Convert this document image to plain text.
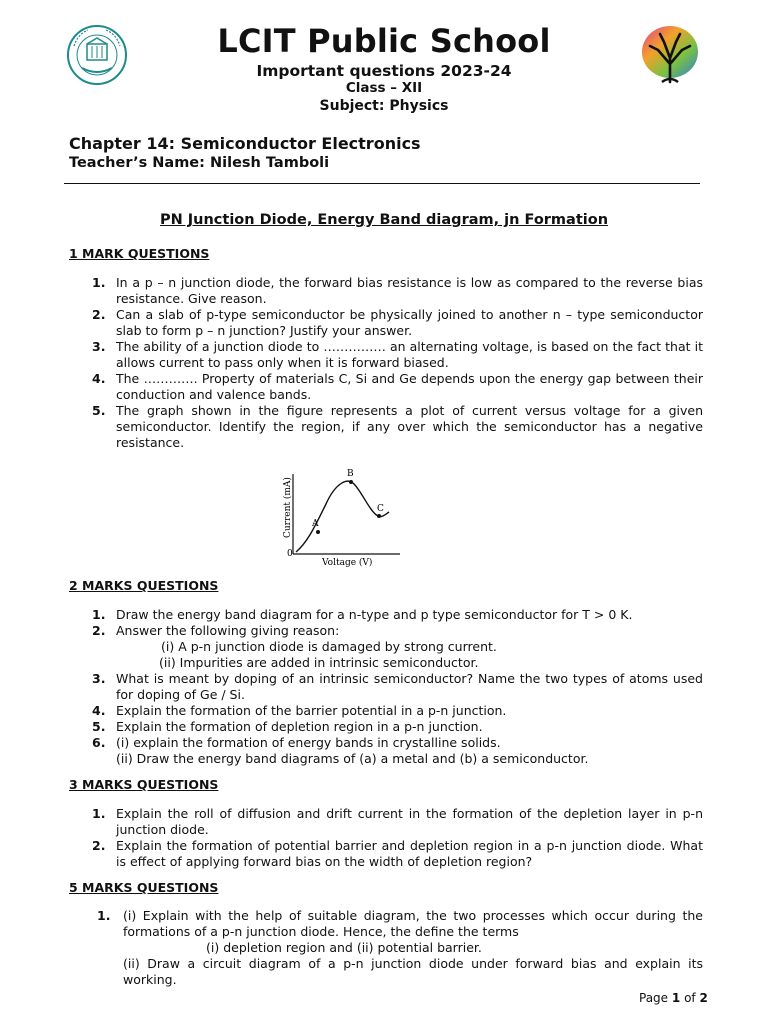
LCIT Public School
Important questions 2023-24
Class – XII
Subject: Physics
Chapter 14: Semiconductor Electronics
Teacher’s Name: Nilesh Tamboli
PN Junction Diode, Energy Band diagram, jn Formation
1 MARK QUESTIONS
1. In a p – n junction diode, the forward bias resistance is low as compared to the reverse bias resistance. Give reason.
2. Can a slab of p-type semiconductor be physically joined to another n – type semiconductor slab to form p – n junction? Justify your answer.
3. The ability of a junction diode to …………… an alternating voltage, is based on the fact that it allows current to pass only when it is forward biased.
4. The …………. Property of materials C, Si and Ge depends upon the energy gap between their conduction and valence bands.
5. The graph shown in the figure represents a plot of current versus voltage for a given semiconductor. Identify the region, if any over which the semiconductor has a negative resistance.
A
B
C
0
Voltage (V)
Current (mA)
2 MARKS QUESTIONS
1. Draw the energy band diagram for a n-type and p type semiconductor for T > 0 K.
2. Answer the following giving reason:
(i) A p-n junction diode is damaged by strong current.
(ii) Impurities are added in intrinsic semiconductor.
3. What is meant by doping of an intrinsic semiconductor? Name the two types of atoms used for doping of Ge / Si.
4. Explain the formation of the barrier potential in a p-n junction.
5. Explain the formation of depletion region in a p-n junction.
6. (i) explain the formation of energy bands in crystalline solids.
(ii) Draw the energy band diagrams of (a) a metal and (b) a semiconductor.
3 MARKS QUESTIONS
1. Explain the roll of diffusion and drift current in the formation of the depletion layer in p-n junction diode.
2. Explain the formation of potential barrier and depletion region in a p-n junction diode. What is effect of applying forward bias on the width of depletion region?
5 MARKS QUESTIONS
1.	(i) Explain with the help of suitable diagram, the two processes which occur during the formations of a p-n junction diode. Hence, the define the terms
(i) depletion region and (ii) potential barrier.
(ii) Draw a circuit diagram of a p-n junction diode under forward bias and explain its working.
Page 1 of 2
